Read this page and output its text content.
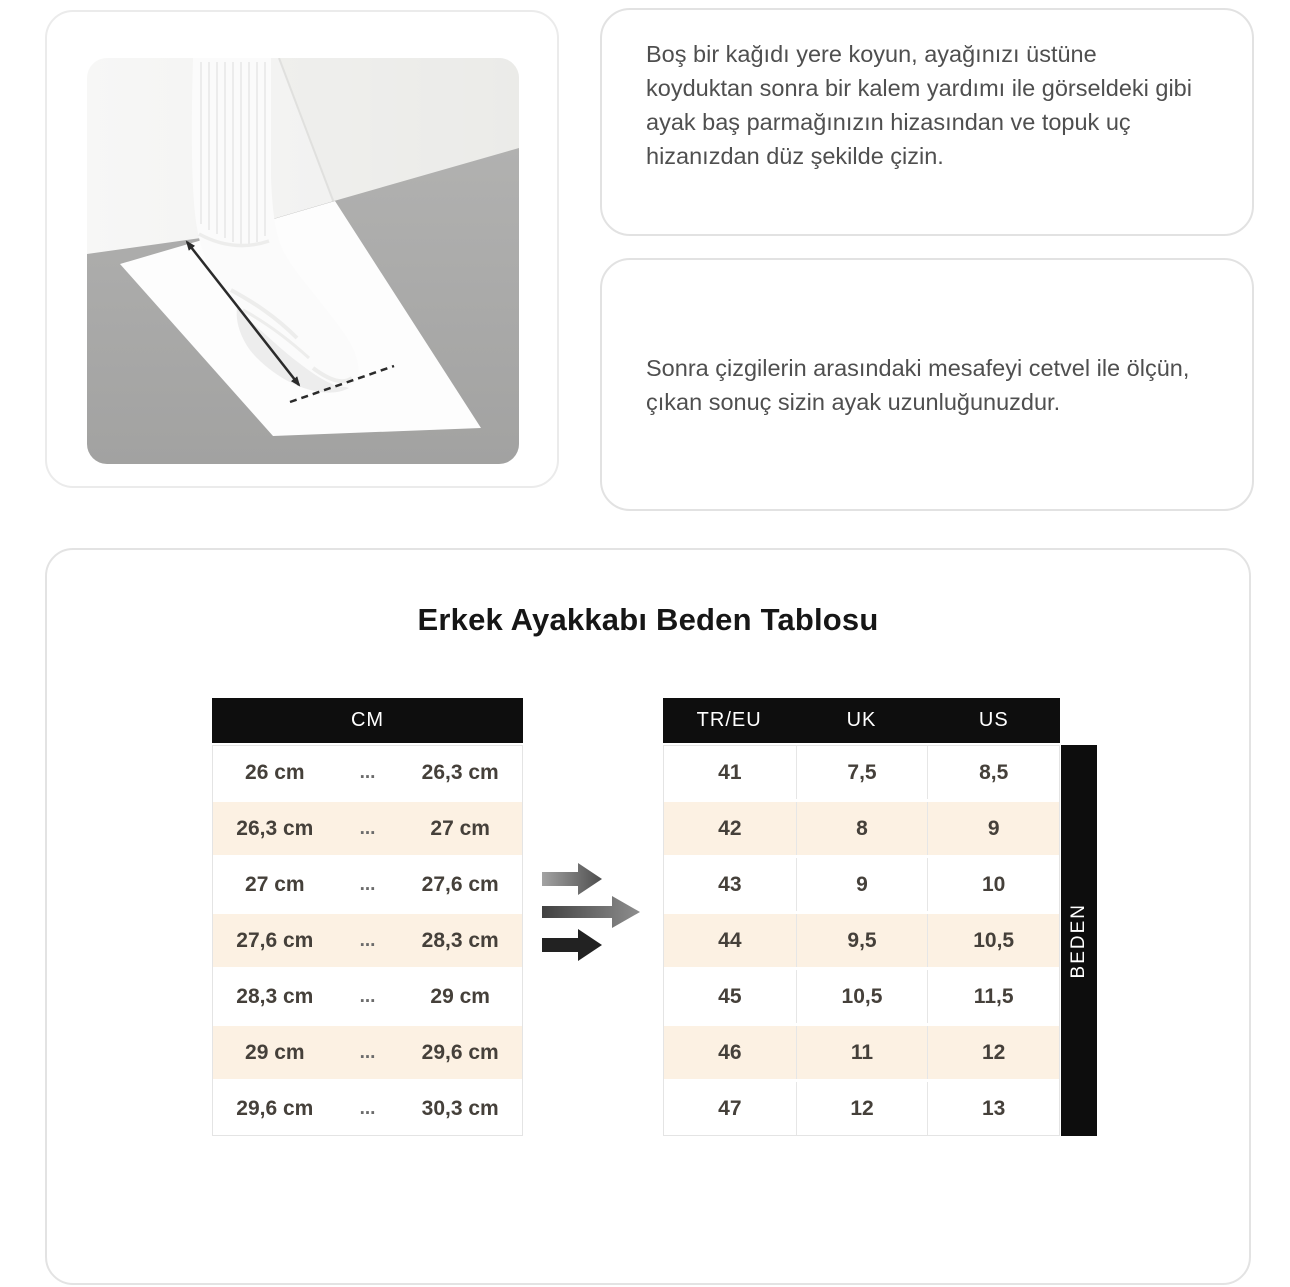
Boş bir kağıdı yere koyun, ayağınızı üstüne koyduktan sonra bir kalem yardımı ile görseldeki gibi ayak baş parmağınızın hizasından ve topuk uç hizanızdan düz şekilde çizin.
Sonra çizgilerin arasındaki mesafeyi cetvel ile ölçün, çıkan sonuç sizin ayak uzunluğunuzdur.
Erkek Ayakkabı Beden Tablosu
CM
26 cm	...	26,3 cm
26,3 cm	...	27 cm
27 cm	...	27,6 cm
27,6 cm	...	28,3 cm
28,3 cm	...	29 cm
29 cm	...	29,6 cm
29,6 cm	...	30,3 cm
TR/EU	UK	US
41	7,5	8,5
42	8	9
43	9	10
44	9,5	10,5
45	10,5	11,5
46	11	12
47	12	13
BEDEN
